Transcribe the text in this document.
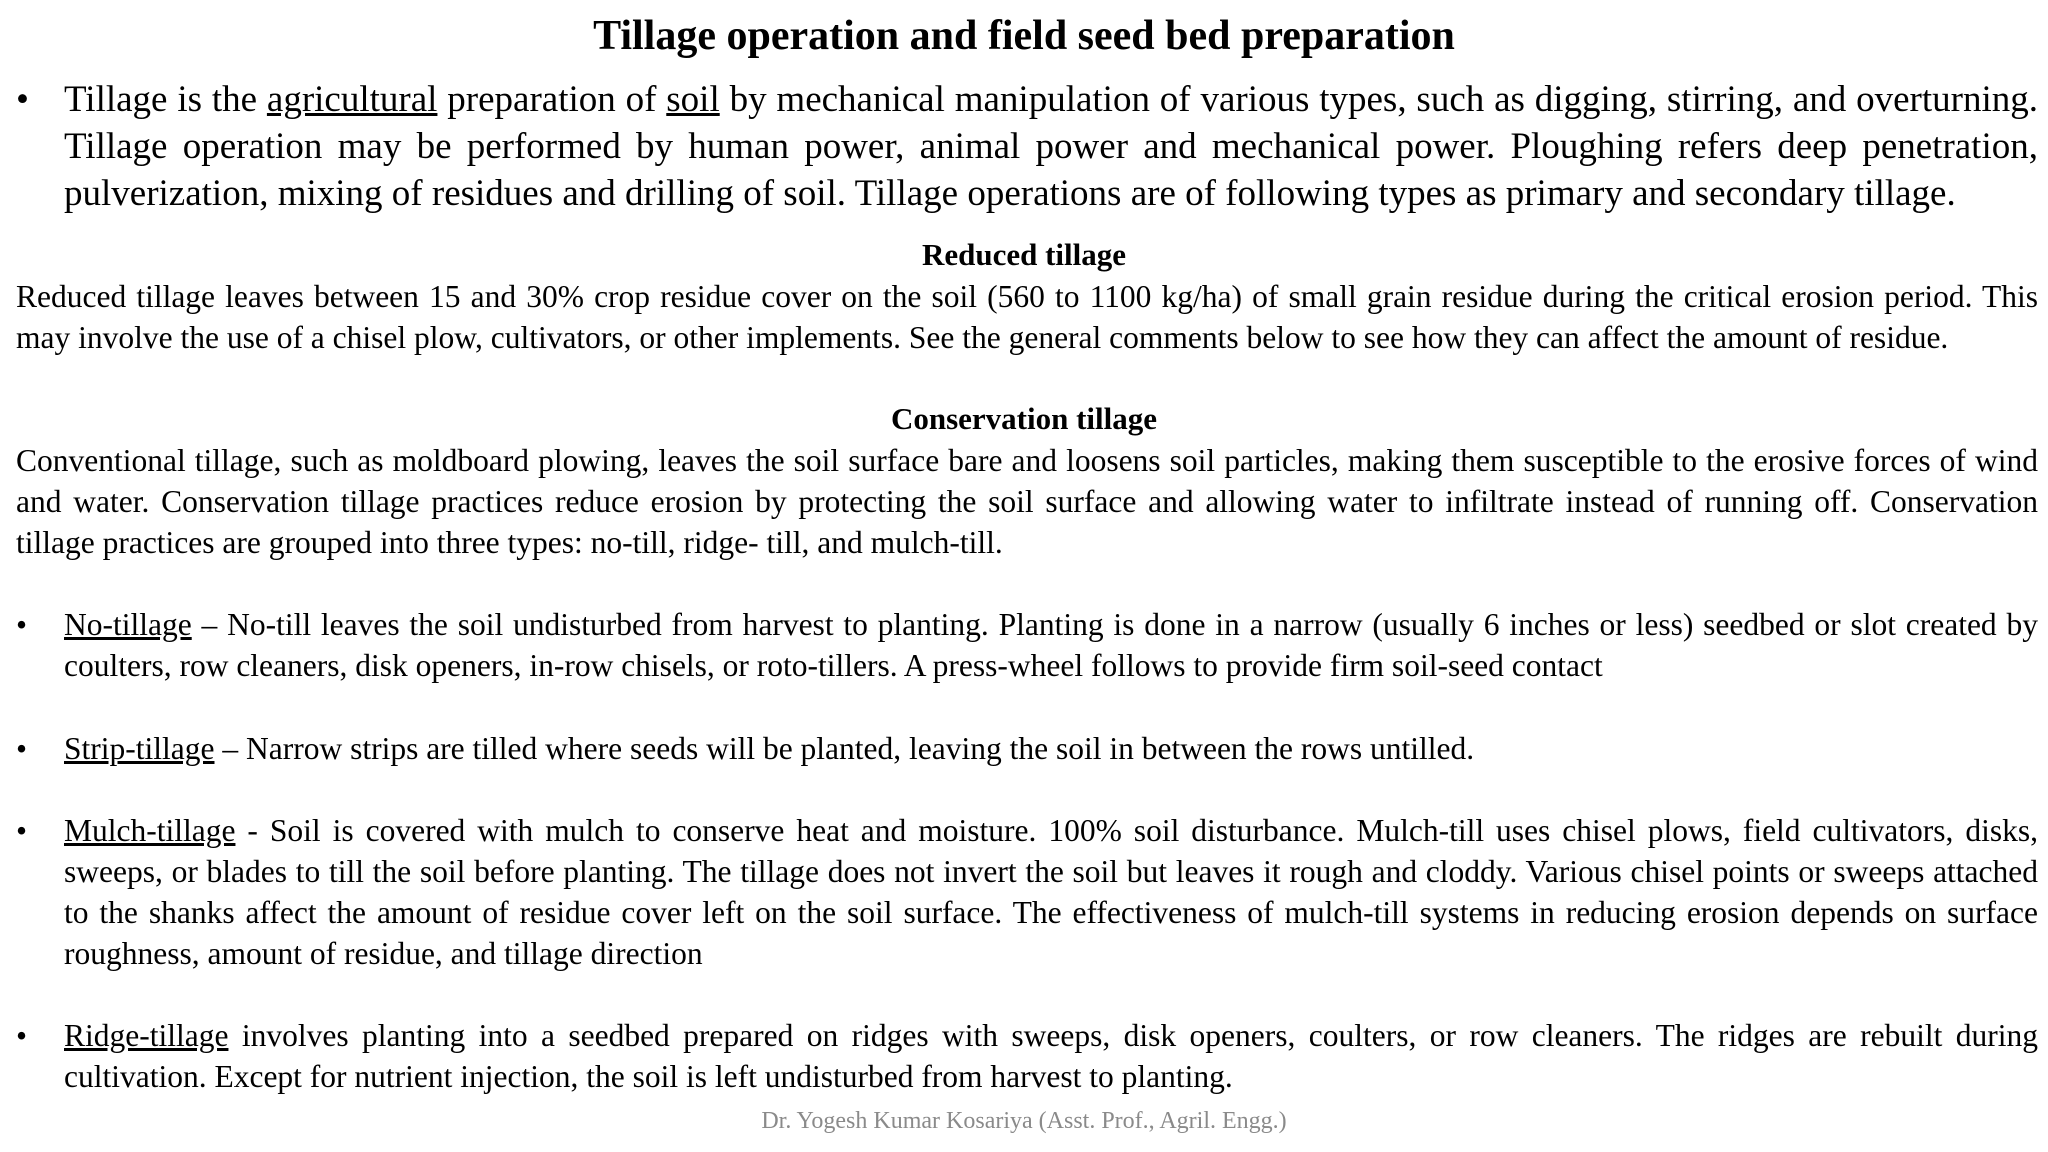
Tillage operation and field seed bed preparation
• Tillage is the agricultural preparation of soil by mechanical manipulation of various types, such as digging, stirring, and overturning. Tillage operation may be performed by human power, animal power and mechanical power. Ploughing refers deep penetration, pulverization, mixing of residues and drilling of soil. Tillage operations are of following types as primary and secondary tillage.
Reduced tillage
Reduced tillage leaves between 15 and 30% crop residue cover on the soil (560 to 1100 kg/ha) of small grain residue during the critical erosion period. This may involve the use of a chisel plow, cultivators, or other implements. See the general comments below to see how they can affect the amount of residue.
Conservation tillage
Conventional tillage, such as moldboard plowing, leaves the soil surface bare and loosens soil particles, making them susceptible to the erosive forces of wind and water. Conservation tillage practices reduce erosion by protecting the soil surface and allowing water to infiltrate instead of running off. Conservation tillage practices are grouped into three types: no-till, ridge- till, and mulch-till.
•	No-tillage – No-till leaves the soil undisturbed from harvest to planting. Planting is done in a narrow (usually 6 inches or less) seedbed or slot created by coulters, row cleaners, disk openers, in-row chisels, or roto-tillers. A press-wheel follows to provide firm soil-seed contact
•	Strip-tillage – Narrow strips are tilled where seeds will be planted, leaving the soil in between the rows untilled.
•	Mulch-tillage - Soil is covered with mulch to conserve heat and moisture. 100% soil disturbance. Mulch-till uses chisel plows, field cultivators, disks, sweeps, or blades to till the soil before planting. The tillage does not invert the soil but leaves it rough and cloddy. Various chisel points or sweeps attached to the shanks affect the amount of residue cover left on the soil surface. The effectiveness of mulch-till systems in reducing erosion depends on surface roughness, amount of residue, and tillage direction
•	Ridge-tillage involves planting into a seedbed prepared on ridges with sweeps, disk openers, coulters, or row cleaners. The ridges are rebuilt during cultivation. Except for nutrient injection, the soil is left undisturbed from harvest to planting.
Dr. Yogesh Kumar Kosariya (Asst. Prof., Agril. Engg.)
